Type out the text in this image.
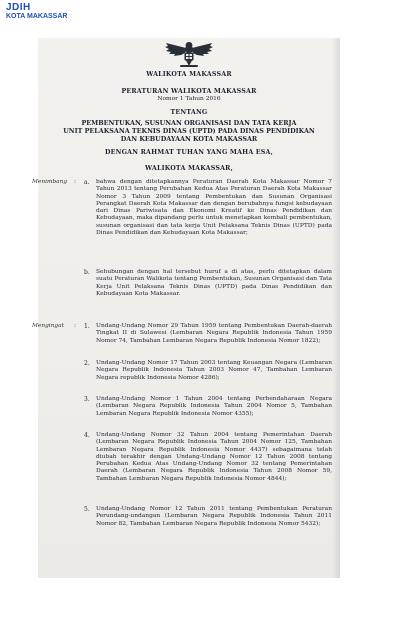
JDIH
KOTA MAKASSAR
WALIKOTA MAKASSAR
PERATURAN WALIKOTA MAKASSAR
Nomor 1 Tahun 2016
TENTANG
PEMBENTUKAN, SUSUNAN ORGANISASI DAN TATA KERJA
UNIT PELAKSANA TEKNIS DINAS (UPTD) PADA DINAS PENDIDIKAN
DAN KEBUDAYAAN KOTA MAKASSAR
DENGAN RAHMAT TUHAN YANG MAHA ESA,
WALIKOTA MAKASSAR,
Menimbang : a. bahwa dengan ditetapkannya Peraturan Daerah Kota Makassar Nomor 7 Tahun 2013 tentang Perubahan Kedua Atas Peraturan Daerah Kota Makassar Nomor 3 Tahun 2009 tentang Pembentukan dan Susunan Organisasi Perangkat Daerah Kota Makassar dan dengan berubahnya fungsi kebudayaan dari Dinas Pariwisata dan Ekonomi Kreatif ke Dinas Pendidikan dan Kebudayaan, maka dipandang perlu untuk menetapkan kembali pembentukan, susunan organisasi dan tata kerja Unit Pelaksana Teknis Dinas (UPTD) pada Dinas Pendidikan dan Kebudayaan Kota Makassar;
b. Sehubungan dengan hal tersebut huruf a di atas, perlu ditetapkan dalam suatu Peraturan Walikota tentang Pembentukan, Susunan Organisasi dan Tata Kerja Unit Pelaksana Teknis Dinas (UPTD) pada Dinas Pendidikan dan Kebudayaan Kota Makassar.
Mengingat : 1. Undang-Undang Nomor 29 Tahun 1959 tentang Pembentukan Daerah-daerah Tingkat II di Sulawesi (Lembaran Negara Republik Indonesia Tahun 1959 Nomor 74, Tambahan Lembaran Negara Republik Indonesia Nomor 1822);
2. Undang-Undang Nomor 17 Tahun 2003 tentang Keuangan Negara (Lembaran Negara Republik Indonesia Tahun 2003 Nomor 47, Tambahan Lembaran Negara republik Indonesia Nomor 4286);
3. Undang-Undang Nomor 1 Tahun 2004 tentang Perbendaharaan Negara (Lembaran Negara Republik Indonesia Tahun 2004 Nomor 5, Tambahan Lembaran Negara Republik Indonesia Nomor 4355);
4. Undang-Undang Nomor 32 Tahun 2004 tentang Pemerintahan Daerah (Lembaran Negara Republik Indonesia Tahun 2004 Nomor 125, Tambahan Lembaran Negara Republik Indonesia Nomor 4437) sebagaimana telah diubah terakhir dengan Undang-Undang Nomor 12 Tahun 2008 tentang Perubahan Kedua Atas Undang-Undang Nomor 32 tentang Pemerintahan Daerah (Lembaran Negara Republik Indonesia Tahun 2008 Nomor 59, Tambahan Lembaran Negara Republik Indonesia Nomor 4844);
5. Undang-Undang Nomor 12 Tahun 2011 tentang Pembentukan Peraturan Perundang-undangan (Lembaran Negara Republik Indonesia Tahun 2011 Nomor 82, Tambahan Lembaran Negara Republik Indonesia Nomor 5432);
